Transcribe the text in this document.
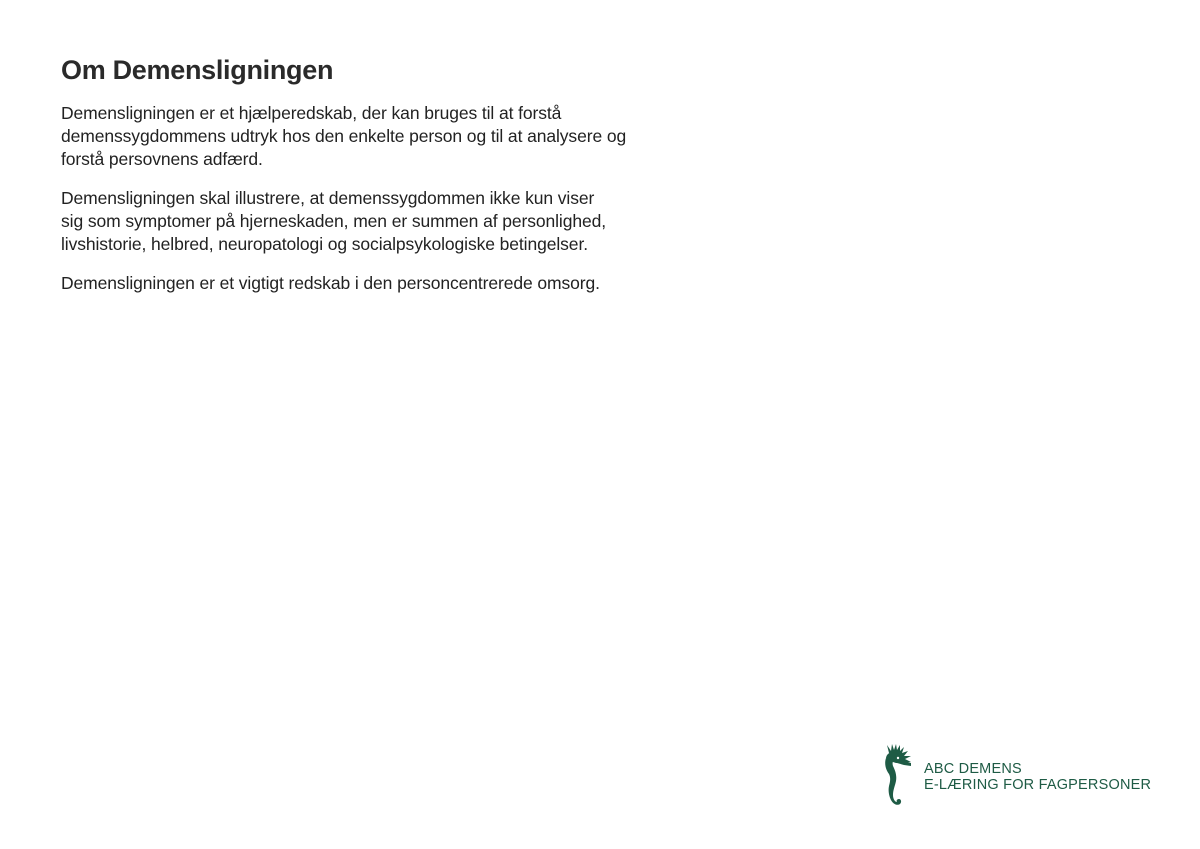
Om Demensligningen

Demensligningen er et hjælperedskab, der kan bruges til at forstå
demenssygdommens udtryk hos den enkelte person og til at analysere og
forstå persovnens adfærd.

Demensligningen skal illustrere, at demenssygdommen ikke kun viser
sig som symptomer på hjerneskaden, men er summen af personlighed,
livshistorie, helbred, neuropatologi og socialpsykologiske betingelser.

Demensligningen er et vigtigt redskab i den personcentrerede omsorg.

ABC DEMENS
E-LÆRING FOR FAGPERSONER
